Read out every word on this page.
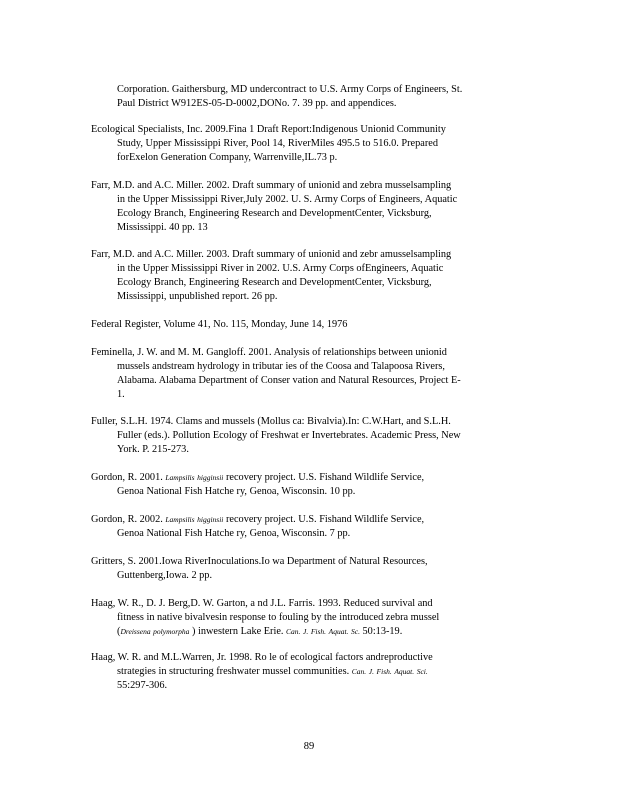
Corporation. Gaithersburg, MD undercontract to U.S. Army Corps of Engineers, St.
Paul District W912ES-05-D-0002,DONo. 7. 39 pp. and appendices.
Ecological Specialists, Inc. 2009.Fina 1 Draft Report:Indigenous Unionid Community
Study, Upper Mississippi River, Pool 14, RiverMiles 495.5 to 516.0. Prepared
forExelon Generation Company, Warrenville,IL.73 p.
Farr, M.D. and A.C. Miller. 2002. Draft summary of unionid and zebra musselsampling
in the Upper Mississippi River,July 2002. U. S. Army Corps of Engineers, Aquatic
Ecology Branch, Engineering Research and DevelopmentCenter, Vicksburg,
Mississippi. 40 pp. 13
Farr, M.D. and A.C. Miller. 2003. Draft summary of unionid and zebr amusselsampling
in the Upper Mississippi River in 2002. U.S. Army Corps ofEngineers, Aquatic
Ecology Branch, Engineering Research and DevelopmentCenter, Vicksburg,
Mississippi, unpublished report. 26 pp.
Federal Register, Volume 41, No. 115, Monday, June 14, 1976
Feminella, J. W. and M. M. Gangloff. 2001. Analysis of relationships between unionid
mussels andstream hydrology in tributar ies of the Coosa and Talapoosa Rivers,
Alabama. Alabama Department of Conser vation and Natural Resources, Project E-
1.
Fuller, S.L.H. 1974. Clams and mussels (Mollus ca: Bivalvia).In: C.W.Hart, and S.L.H.
Fuller (eds.). Pollution Ecology of Freshwat er Invertebrates. Academic Press, New
York. P. 215-273.
Gordon, R. 2001. Lampsilis higginsii recovery project. U.S. Fishand Wildlife Service,
Genoa National Fish Hatche ry, Genoa, Wisconsin. 10 pp.
Gordon, R. 2002. Lampsilis higginsii recovery project. U.S. Fishand Wildlife Service,
Genoa National Fish Hatche ry, Genoa, Wisconsin. 7 pp.
Gritters, S. 2001.Iowa RiverInoculations.Io wa Department of Natural Resources,
Guttenberg,Iowa. 2 pp.
Haag, W. R., D. J. Berg,D. W. Garton, a nd J.L. Farris. 1993. Reduced survival and
fitness in native bivalvesin response to fouling by the introduced zebra mussel
(Dreissena polymorpha ) inwestern Lake Erie. Can. J. Fish. Aquat. Sc. 50:13-19.
Haag, W. R. and M.L.Warren, Jr. 1998. Ro le of ecological factors andreproductive
strategies in structuring freshwater mussel communities. Can. J. Fish. Aquat. Sci.
55:297-306.
89
